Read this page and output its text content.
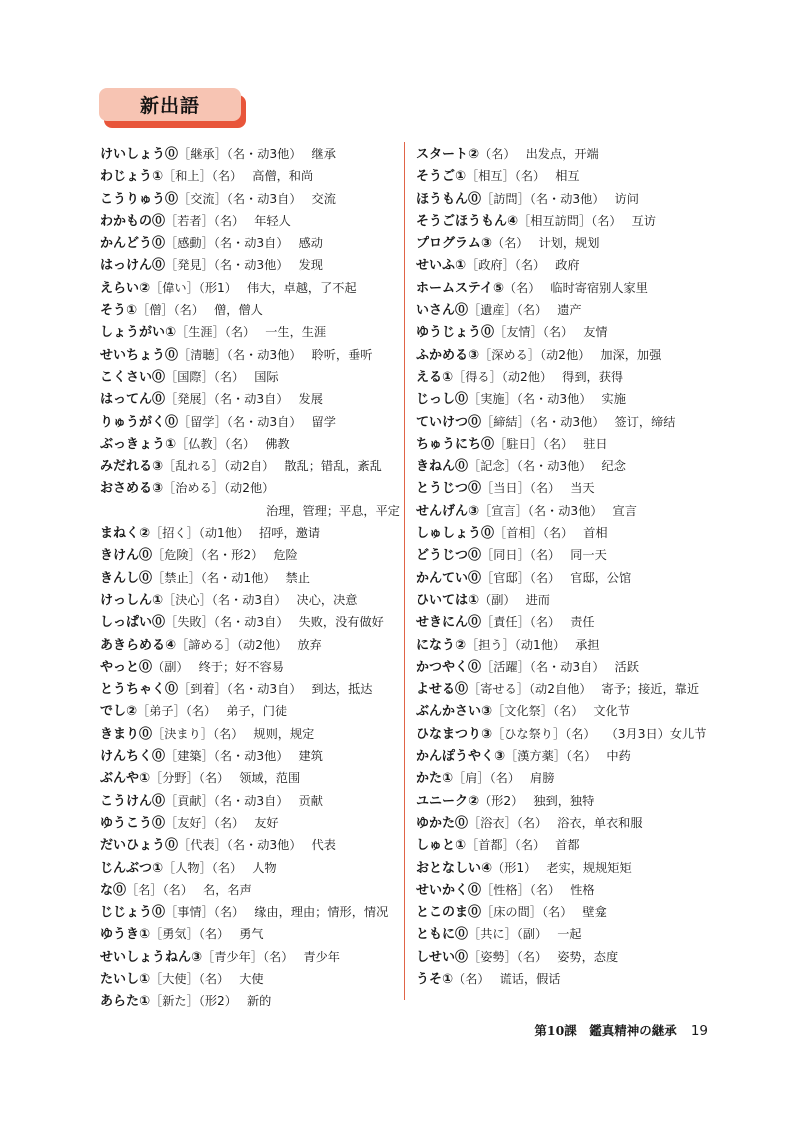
新出語
けいしょう⓪［継承］（名・动3他） 继承
わじょう①［和上］（名） 高僧，和尚
こうりゅう⓪［交流］（名・动3自） 交流
わかもの⓪［若者］（名） 年轻人
かんどう⓪［感動］（名・动3自） 感动
はっけん⓪［発見］（名・动3他） 发现
えらい②［偉い］（形1） 伟大，卓越，了不起
そう①［僧］（名） 僧，僧人
しょうがい①［生涯］（名） 一生，生涯
せいちょう⓪［清聴］（名・动3他） 聆听，垂听
こくさい⓪［国際］（名） 国际
はってん⓪［発展］（名・动3自） 发展
りゅうがく⓪［留学］（名・动3自） 留学
ぶっきょう①［仏教］（名） 佛教
みだれる③［乱れる］（动2自） 散乱；错乱，紊乱
おさめる③［治める］（动2他）
治理，管理；平息，平定
まねく②［招く］（动1他） 招呼，邀请
きけん⓪［危険］（名・形2） 危险
きんし⓪［禁止］（名・动1他） 禁止
けっしん①［決心］（名・动3自） 决心，决意
しっぱい⓪［失敗］（名・动3自） 失败，没有做好
あきらめる④［諦める］（动2他） 放弃
やっと⓪（副） 终于；好不容易
とうちゃく⓪［到着］（名・动3自） 到达，抵达
でし②［弟子］（名） 弟子，门徒
きまり⓪［決まり］（名） 规则，规定
けんちく⓪［建築］（名・动3他） 建筑
ぶんや①［分野］（名） 领域，范围
こうけん⓪［貢献］（名・动3自） 贡献
ゆうこう⓪［友好］（名） 友好
だいひょう⓪［代表］（名・动3他） 代表
じんぶつ①［人物］（名） 人物
な⓪［名］（名） 名，名声
じじょう⓪［事情］（名） 缘由，理由；情形，情况
ゆうき①［勇気］（名） 勇气
せいしょうねん③［青少年］（名） 青少年
たいし①［大使］（名） 大使
あらた①［新た］（形2） 新的
スタート②（名） 出发点，开端
そうご①［相互］（名） 相互
ほうもん⓪［訪問］（名・动3他） 访问
そうごほうもん④［相互訪問］（名） 互访
プログラム③（名） 计划，规划
せいふ①［政府］（名） 政府
ホームステイ⑤（名） 临时寄宿别人家里
いさん⓪［遺産］（名） 遗产
ゆうじょう⓪［友情］（名） 友情
ふかめる③［深める］（动2他） 加深，加强
える①［得る］（动2他） 得到，获得
じっし⓪［実施］（名・动3他） 实施
ていけつ⓪［締結］（名・动3他） 签订，缔结
ちゅうにち⓪［駐日］（名） 驻日
きねん⓪［記念］（名・动3他） 纪念
とうじつ⓪［当日］（名） 当天
せんげん③［宣言］（名・动3他） 宣言
しゅしょう⓪［首相］（名） 首相
どうじつ⓪［同日］（名） 同一天
かんてい⓪［官邸］（名） 官邸，公馆
ひいては①（副） 进而
せきにん⓪［責任］（名） 责任
になう②［担う］（动1他） 承担
かつやく⓪［活躍］（名・动3自） 活跃
よせる⓪［寄せる］（动2自他） 寄予；接近，靠近
ぶんかさい③［文化祭］（名） 文化节
ひなまつり③［ひな祭り］（名） （3月3日）女儿节
かんぽうやく③［漢方薬］（名） 中药
かた①［肩］（名） 肩膀
ユニーク②（形2） 独到，独特
ゆかた⓪［浴衣］（名） 浴衣，单衣和服
しゅと①［首都］（名） 首都
おとなしい④（形1） 老实，规规矩矩
せいかく⓪［性格］（名） 性格
とこのま⓪［床の間］（名） 壁龛
ともに⓪［共に］（副） 一起
しせい⓪［姿勢］（名） 姿势，态度
うそ①（名） 谎话，假话
第10課　鑑真精神の継承 19
